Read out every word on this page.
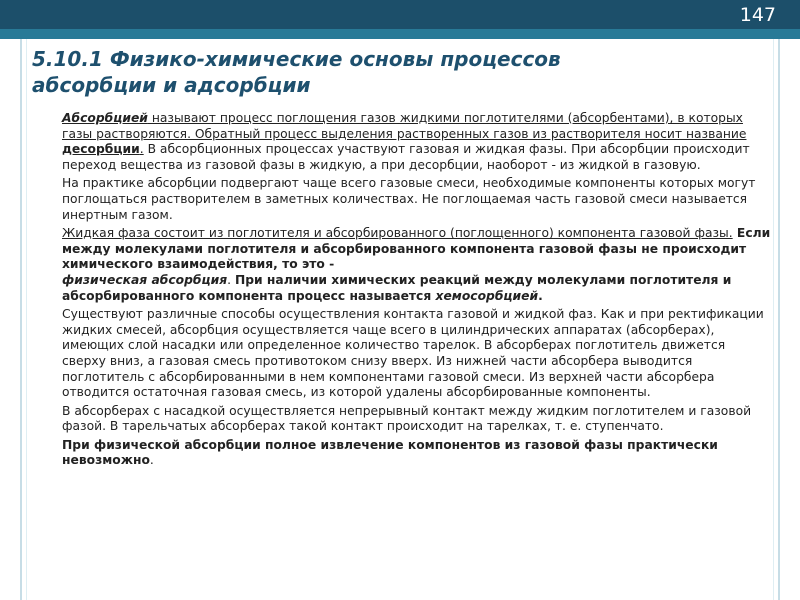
147
5.10.1 Физико-химические основы процессов
абсорбции и адсорбции

Абсорбцией называют процесс поглощения газов жидкими поглотителями (абсорбентами), в которых газы растворяются. Обратный процесс выделения растворенных газов из растворителя носит название десорбции. В абсорбционных процессах участвуют газовая и жидкая фазы. При абсорбции происходит переход вещества из газовой фазы в жидкую, а при десорбции, наоборот - из жидкой в газовую.

На практике абсорбции подвергают чаще всего газовые смеси, необходимые компоненты которых могут поглощаться растворителем в заметных количествах. Не поглощаемая часть газовой смеси называется инертным газом.

Жидкая фаза состоит из поглотителя и абсорбированного (поглощенного) компонента газовой фазы. Если между молекулами поглотителя и абсорбированного компонента газовой фазы не происходит химического взаимодействия, то это -
физическая абсорбция. При наличии химических реакций между молекулами поглотителя и абсорбированного компонента процесс называется хемосорбцией.

Существуют различные способы осуществления контакта газовой и жидкой фаз. Как и при ректификации жидких смесей, абсорбция осуществляется чаще всего в цилиндрических аппаратах (абсорберах), имеющих слой насадки или определенное количество тарелок. В абсорберах поглотитель движется сверху вниз, а газовая смесь противотоком снизу вверх. Из нижней части абсорбера выводится поглотитель с абсорбированными в нем компонентами газовой смеси. Из верхней части абсорбера отводится остаточная газовая смесь, из которой удалены абсорбированные компоненты.

В абсорберах с насадкой осуществляется непрерывный контакт между жидким поглотителем и газовой фазой. В тарельчатых абсорберах такой контакт происходит на тарелках, т. е. ступенчато.

При физической абсорбции полное извлечение компонентов из газовой фазы практически невозможно.
